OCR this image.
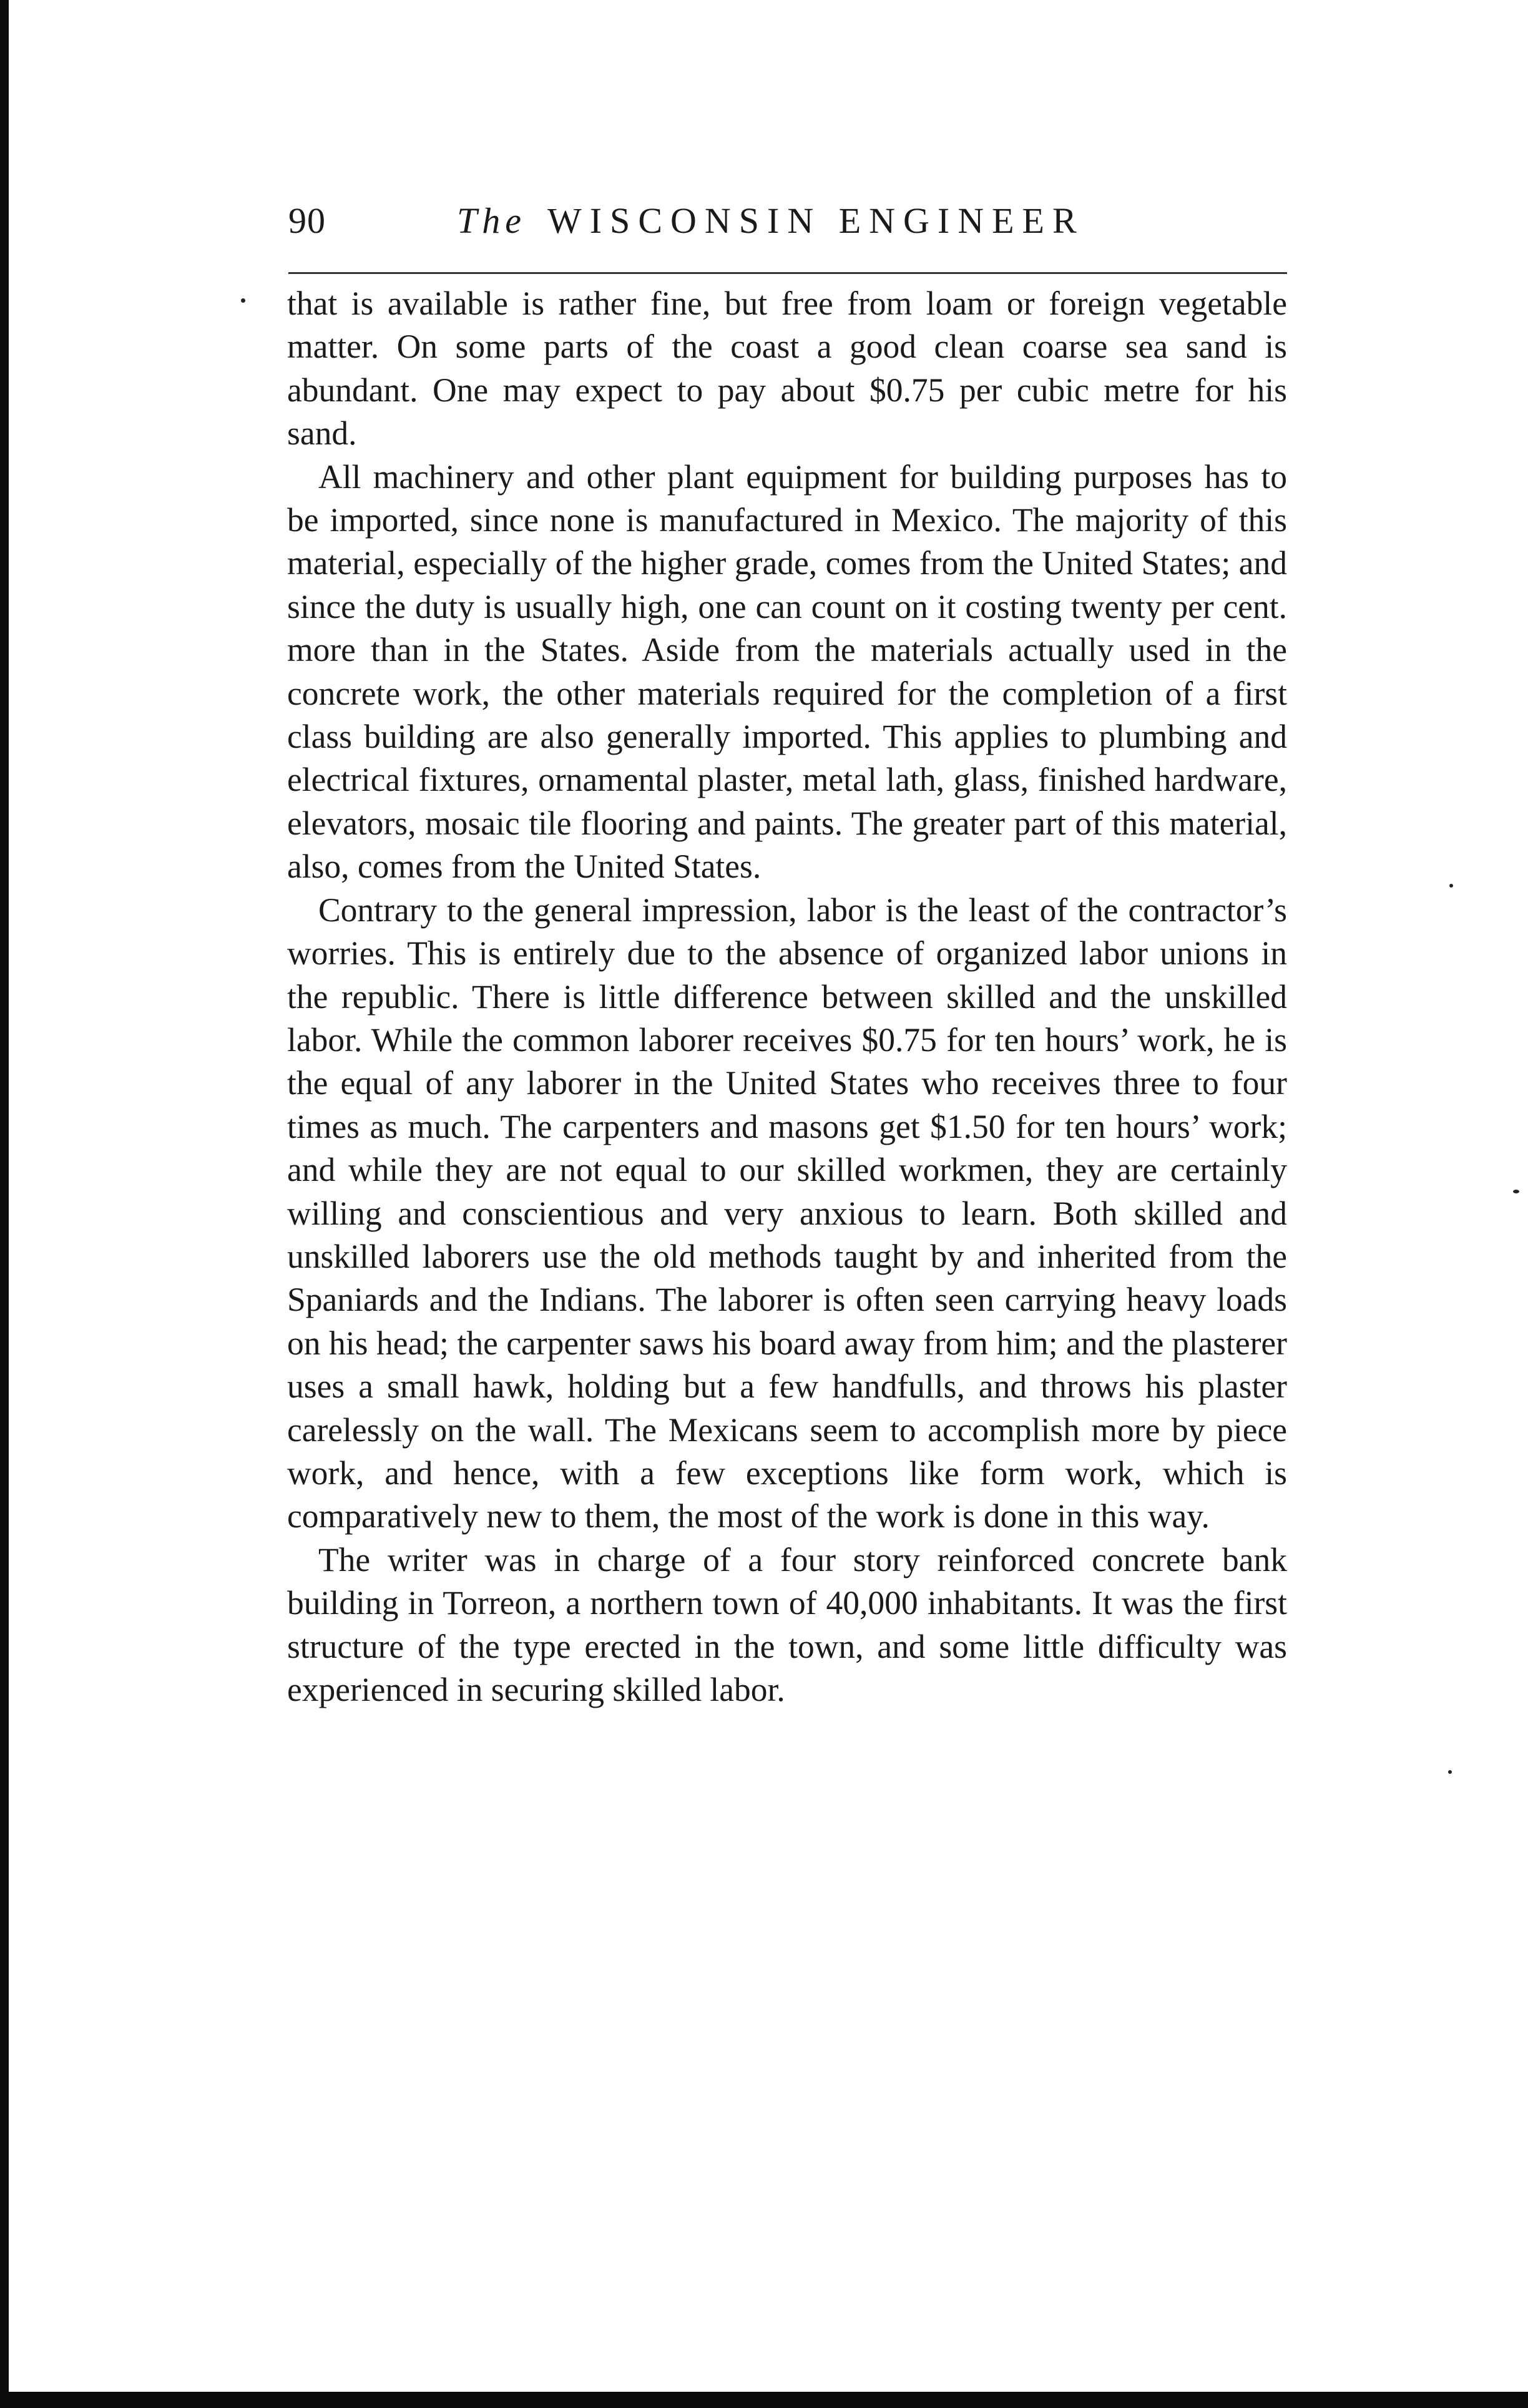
90	The WISCONSIN ENGINEER

that is available is rather fine, but free from loam or foreign vegetable matter. On some parts of the coast a good clean coarse sea sand is abundant. One may expect to pay about $0.75 per cubic metre for his sand.

All machinery and other plant equipment for building purposes has to be imported, since none is manufactured in Mexico. The majority of this material, especially of the higher grade, comes from the United States; and since the duty is usually high, one can count on it costing twenty per cent. more than in the States. Aside from the materials actually used in the concrete work, the other materials required for the completion of a first class building are also generally imported. This applies to plumbing and electrical fixtures, ornamental plaster, metal lath, glass, finished hardware, elevators, mosaic tile flooring and paints. The greater part of this material, also, comes from the United States.

Contrary to the general impression, labor is the least of the contractor’s worries. This is entirely due to the absence of organized labor unions in the republic. There is little difference between skilled and the unskilled labor. While the common laborer receives $0.75 for ten hours’ work, he is the equal of any laborer in the United States who receives three to four times as much. The carpenters and masons get $1.50 for ten hours’ work; and while they are not equal to our skilled workmen, they are certainly willing and conscientious and very anxious to learn. Both skilled and unskilled laborers use the old methods taught by and inherited from the Spaniards and the Indians. The laborer is often seen carrying heavy loads on his head; the carpenter saws his board away from him; and the plasterer uses a small hawk, holding but a few handfulls, and throws his plaster carelessly on the wall. The Mexicans seem to accomplish more by piece work, and hence, with a few exceptions like form work, which is comparatively new to them, the most of the work is done in this way.

The writer was in charge of a four story reinforced concrete bank building in Torreon, a northern town of 40,000 inhabitants. It was the first structure of the type erected in the town, and some little difficulty was experienced in securing skilled labor.
